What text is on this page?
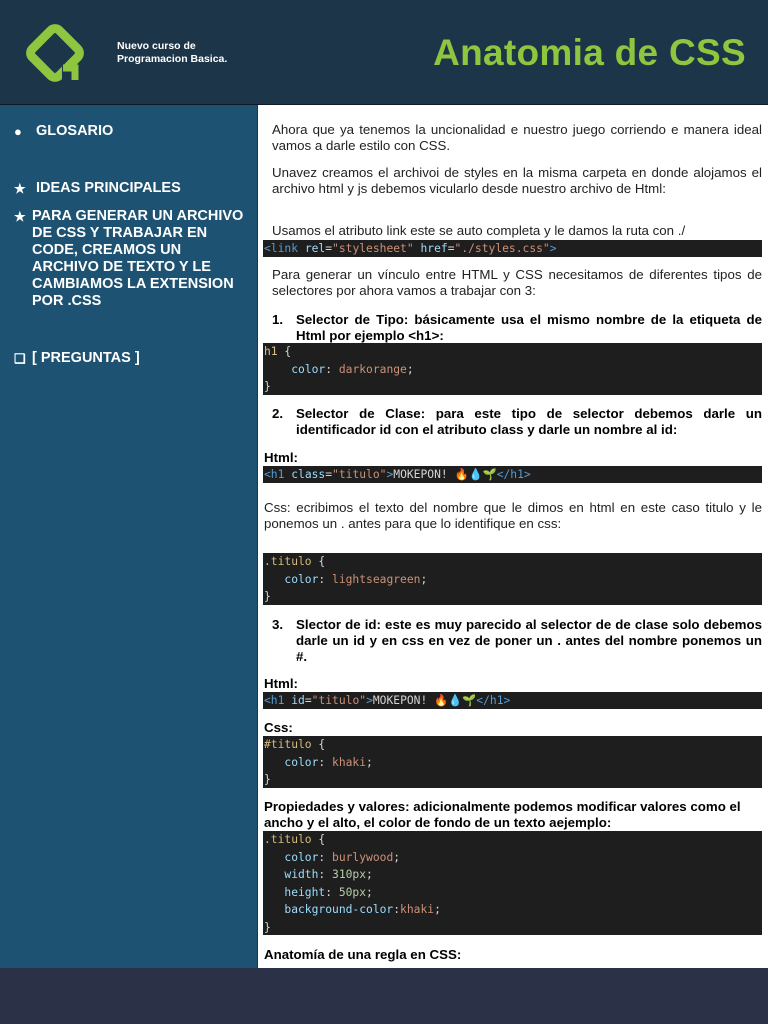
Nuevo curso de
Programacion Basica.	Anatomia de CSS
● GLOSARIO
★ IDEAS PRINCIPALES
★ PARA GENERAR UN ARCHIVO DE CSS Y TRABAJAR EN CODE, CREAMOS UN ARCHIVO DE TEXTO Y LE CAMBIAMOS LA EXTENSION POR .CSS
❑ [ PREGUNTAS ]

Ahora que ya tenemos la uncionalidad e nuestro juego corriendo e manera ideal vamos a darle estilo con CSS.

Unavez creamos el archivoi de styles en la misma carpeta en donde alojamos el archivo html y js debemos vicularlo desde nuestro archivo de Html:

Usamos el atributo link este se auto completa y le damos la ruta con ./

<link rel="stylesheet" href="./styles.css">

Para generar un vínculo entre HTML y CSS necesitamos de diferentes tipos de selectores por ahora vamos a trabajar con 3:

1. Selector de Tipo: básicamente usa el mismo nombre de la etiqueta de Html por ejemplo <h1>:
h1 {
color: darkorange;
}
2. Selector de Clase: para este tipo de selector debemos darle un identificador id con el atributo class y darle un nombre al id:
Html:
<h1 class="titulo">MOKEPON! 🔥💧🌱</h1>

Css: ecribimos el texto del nombre que le dimos en html en este caso titulo y le ponemos un . antes para que lo identifique en css:

.titulo {
color: lightseagreen;
}
3. Slector de id: este es muy parecido al selector de de clase solo debemos darle un id y en css en vez de poner un . antes del nombre ponemos un #.
Html:
<h1 id="titulo">MOKEPON! 🔥💧🌱</h1>
Css:
#titulo {
color: khaki;
}

Propiedades y valores: adicionalmente podemos modificar valores como el ancho y el alto, el color de fondo de un texto aejemplo:

.titulo {
color: burlywood;
width: 310px;
height: 50px;
background-color:khaki;
}

Anatomía de una regla en CSS:
